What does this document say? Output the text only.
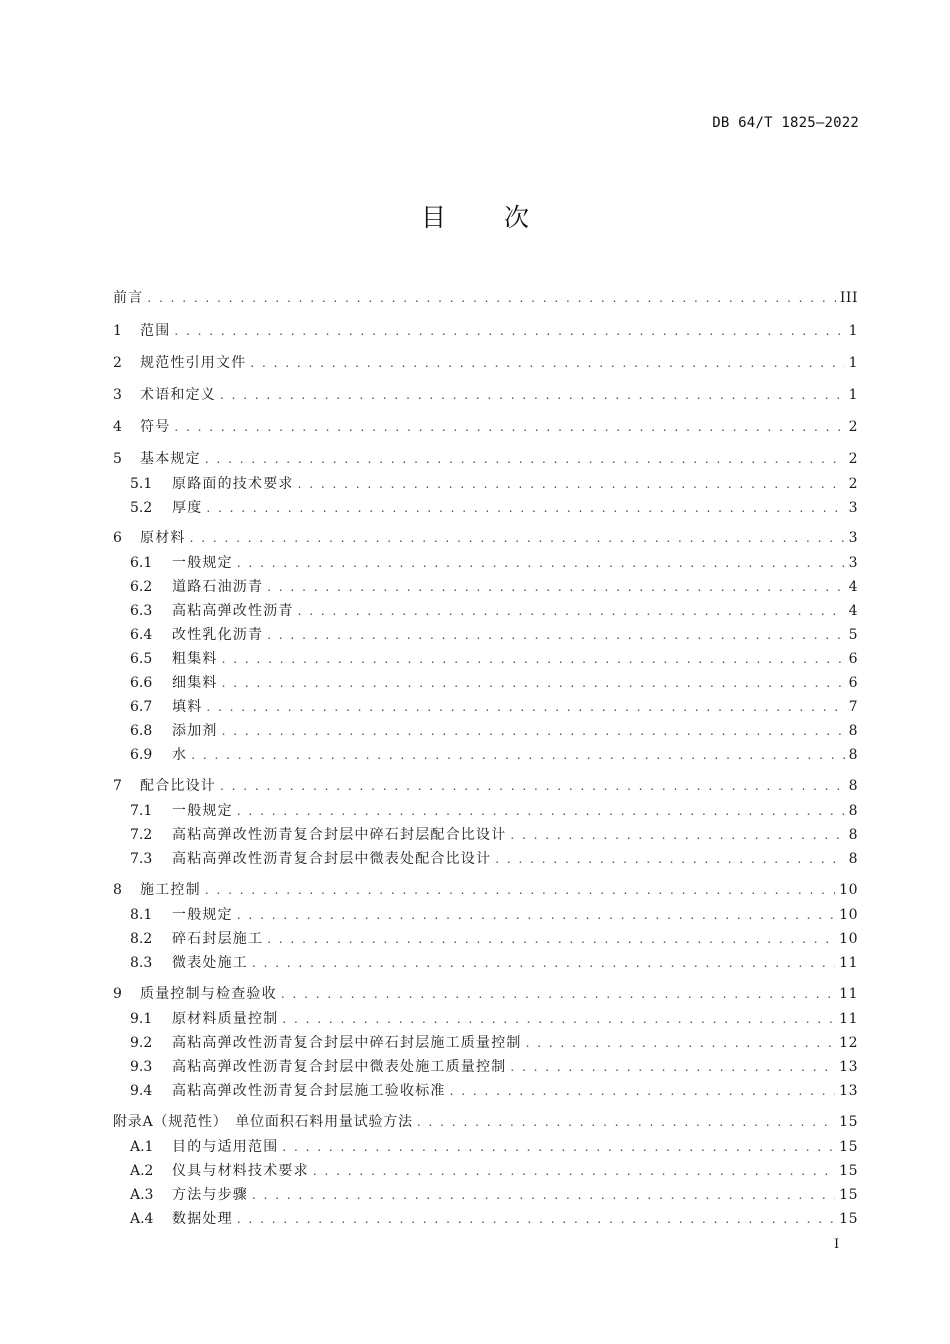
DB 64/T 1825—2022
目 次
前言 . . .	III
1	范围 . . .	1
2	规范性引用文件 . . .	1
3	术语和定义 . . .	1
4	符号 . . .	2
5	基本规定 . . .	2
5.1	原路面的技术要求 . . .	2
5.2	厚度 . . .	3
6	原材料 . . .	3
6.1	一般规定 . . .	3
6.2	道路石油沥青 . . .	4
6.3	高粘高弹改性沥青 . . .	4
6.4	改性乳化沥青 . . .	5
6.5	粗集料 . . .	6
6.6	细集料 . . .	6
6.7	填料 . . .	7
6.8	添加剂 . . .	8
6.9	水 . . .	8
7	配合比设计 . . .	8
7.1	一般规定 . . .	8
7.2	高粘高弹改性沥青复合封层中碎石封层配合比设计 . . .	8
7.3	高粘高弹改性沥青复合封层中微表处配合比设计 . . .	8
8	施工控制 . . .	10
8.1	一般规定 . . .	10
8.2	碎石封层施工 . . .	10
8.3	微表处施工 . . .	11
9	质量控制与检查验收 . . .	11
9.1	原材料质量控制 . . .	11
9.2	高粘高弹改性沥青复合封层中碎石封层施工质量控制 . . .	12
9.3	高粘高弹改性沥青复合封层中微表处施工质量控制 . . .	13
9.4	高粘高弹改性沥青复合封层施工验收标准 . . .	13
附录A（规范性）　单位面积石料用量试验方法 . . .	15
A.1	目的与适用范围 . . .	15
A.2	仪具与材料技术要求 . . .	15
A.3	方法与步骤 . . .	15
A.4	数据处理 . . .	15
I
